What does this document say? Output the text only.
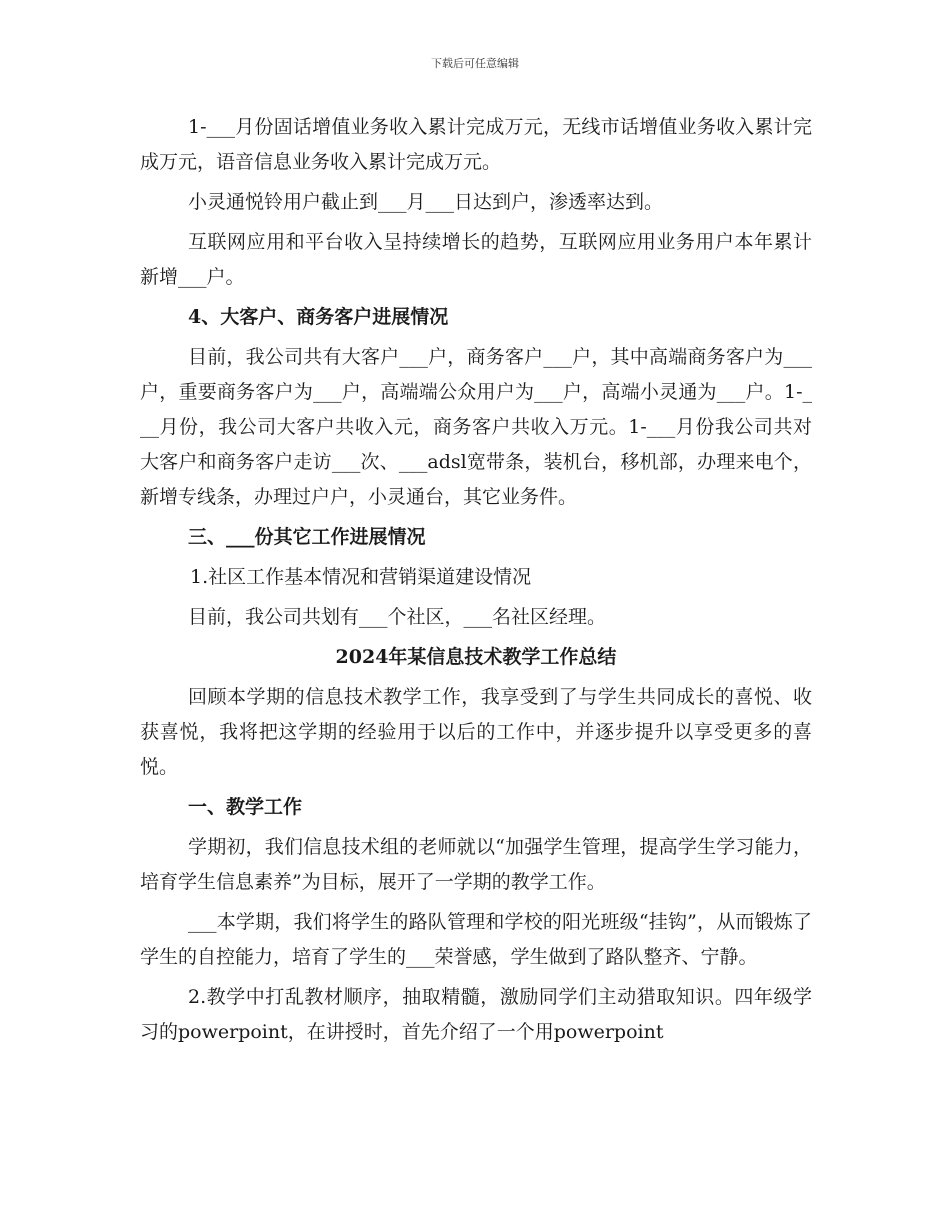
下载后可任意编辑

1-___月份固话增值业务收入累计完成万元，无线市话增值业务收入累计完成万元，语音信息业务收入累计完成万元。

小灵通悦铃用户截止到___月___日达到户，渗透率达到。

互联网应用和平台收入呈持续增长的趋势，互联网应用业务用户本年累计新增___户。

4、大客户、商务客户进展情况

目前，我公司共有大客户___户，商务客户___户，其中高端商务客户为___户，重要商务客户为___户，高端端公众用户为___户，高端小灵通为___户。1-___月份，我公司大客户共收入元，商务客户共收入万元。1-___月份我公司共对大客户和商务客户走访___次、___adsl宽带条，装机台，移机部，办理来电个，新增专线条，办理过户户，小灵通台，其它业务件。

三、___份其它工作进展情况

1.社区工作基本情况和营销渠道建设情况

目前，我公司共划有___个社区，___名社区经理。

2024年某信息技术教学工作总结

回顾本学期的信息技术教学工作，我享受到了与学生共同成长的喜悦、收获喜悦，我将把这学期的经验用于以后的工作中，并逐步提升以享受更多的喜悦。

一、教学工作

学期初，我们信息技术组的老师就以“加强学生管理，提高学生学习能力，培育学生信息素养”为目标，展开了一学期的教学工作。

___本学期，我们将学生的路队管理和学校的阳光班级“挂钩”，从而锻炼了学生的自控能力，培育了学生的___荣誉感，学生做到了路队整齐、宁静。

2.教学中打乱教材顺序，抽取精髓，激励同学们主动猎取知识。四年级学习的powerpoint，在讲授时，首先介绍了一个用powerpoint
